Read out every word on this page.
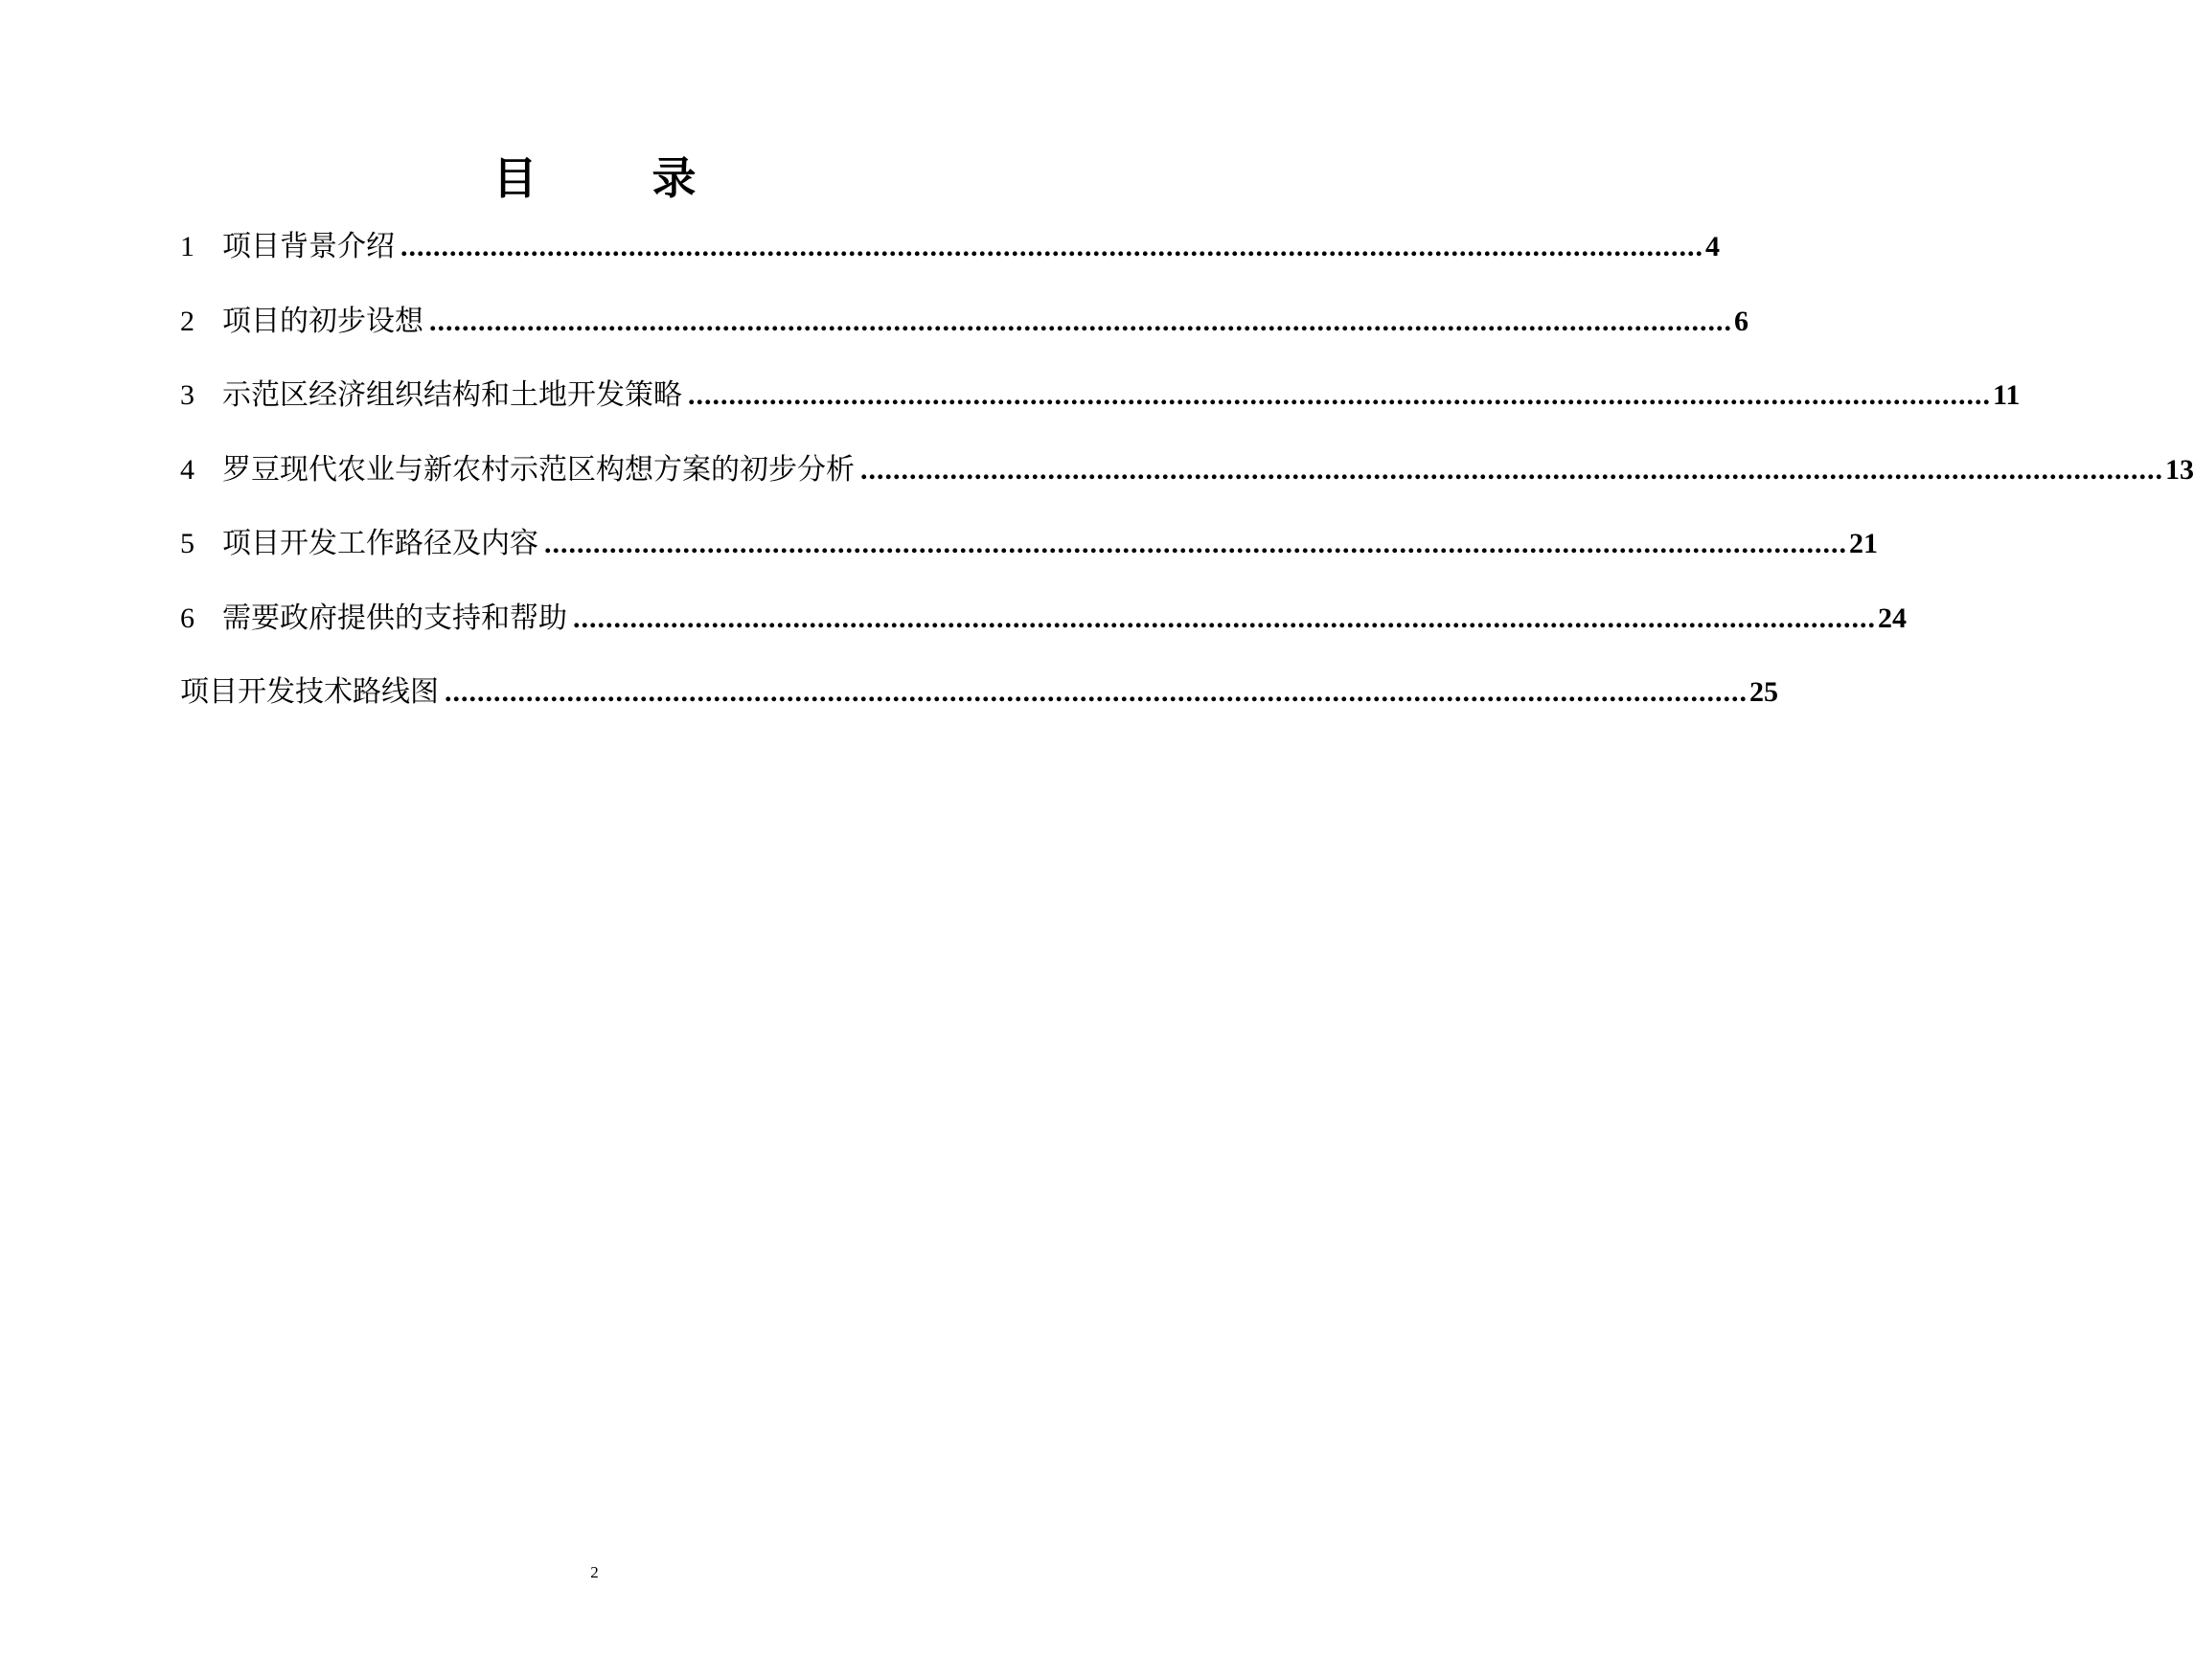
目 录
1 项目背景介绍 ................................................................................................................................................................ 4
2 项目的初步设想 ................................................................................................................................................................ 6
3 示范区经济组织结构和土地开发策略 ................................................................................................................................................................ 11
4 罗豆现代农业与新农村示范区构想方案的初步分析 ................................................................................................................................................................ 13
5 项目开发工作路径及内容 ................................................................................................................................................................ 21
6 需要政府提供的支持和帮助 ................................................................................................................................................................ 24
项目开发技术路线图 ................................................................................................................................................................ 25
2
